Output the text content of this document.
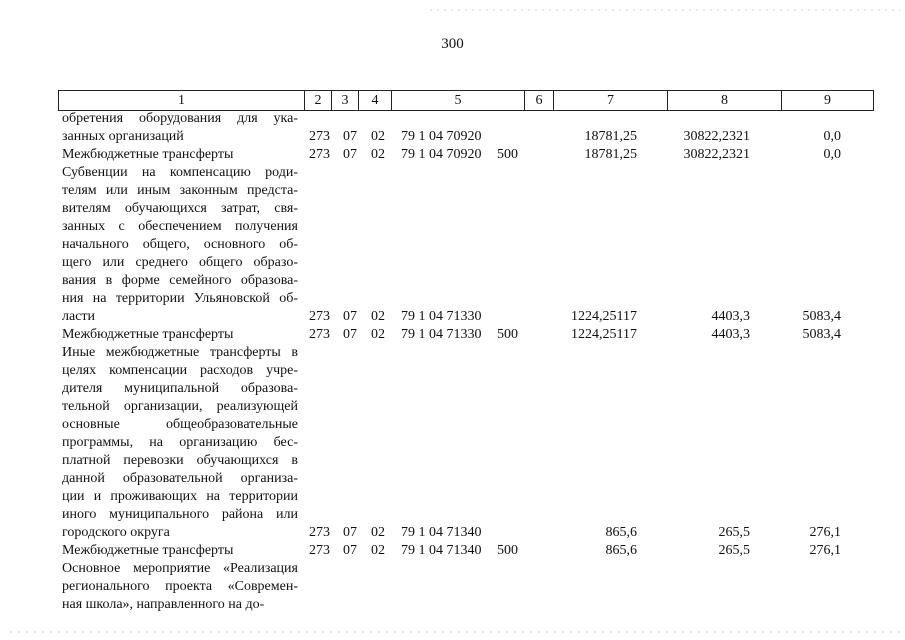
300
1	2	3	4	5	6	7	8	9
обретения оборудования для ука-
занных организаций	273 07 02 79 1 04 70920	18781,25	30822,2321	0,0
Межбюджетные трансферты	273 07 02 79 1 04 70920 500	18781,25	30822,2321	0,0
Субвенции на компенсацию роди-
телям или иным законным предста-
вителям обучающихся затрат, свя-
занных с обеспечением получения
начального общего, основного об-
щего или среднего общего образо-
вания в форме семейного образова-
ния на территории Ульяновской об-
ласти	273 07 02 79 1 04 71330	1224,25117	4403,3	5083,4
Межбюджетные трансферты	273 07 02 79 1 04 71330 500	1224,25117	4403,3	5083,4
Иные межбюджетные трансферты в
целях компенсации расходов учре-
дителя муниципальной образова-
тельной организации, реализующей
основные общеобразовательные
программы, на организацию бес-
платной перевозки обучающихся в
данной образовательной организа-
ции и проживающих на территории
иного муниципального района или
городского округа	273 07 02 79 1 04 71340	865,6	265,5	276,1
Межбюджетные трансферты	273 07 02 79 1 04 71340 500	865,6	265,5	276,1
Основное мероприятие «Реализация
регионального проекта «Современ-
ная школа», направленного на до-
